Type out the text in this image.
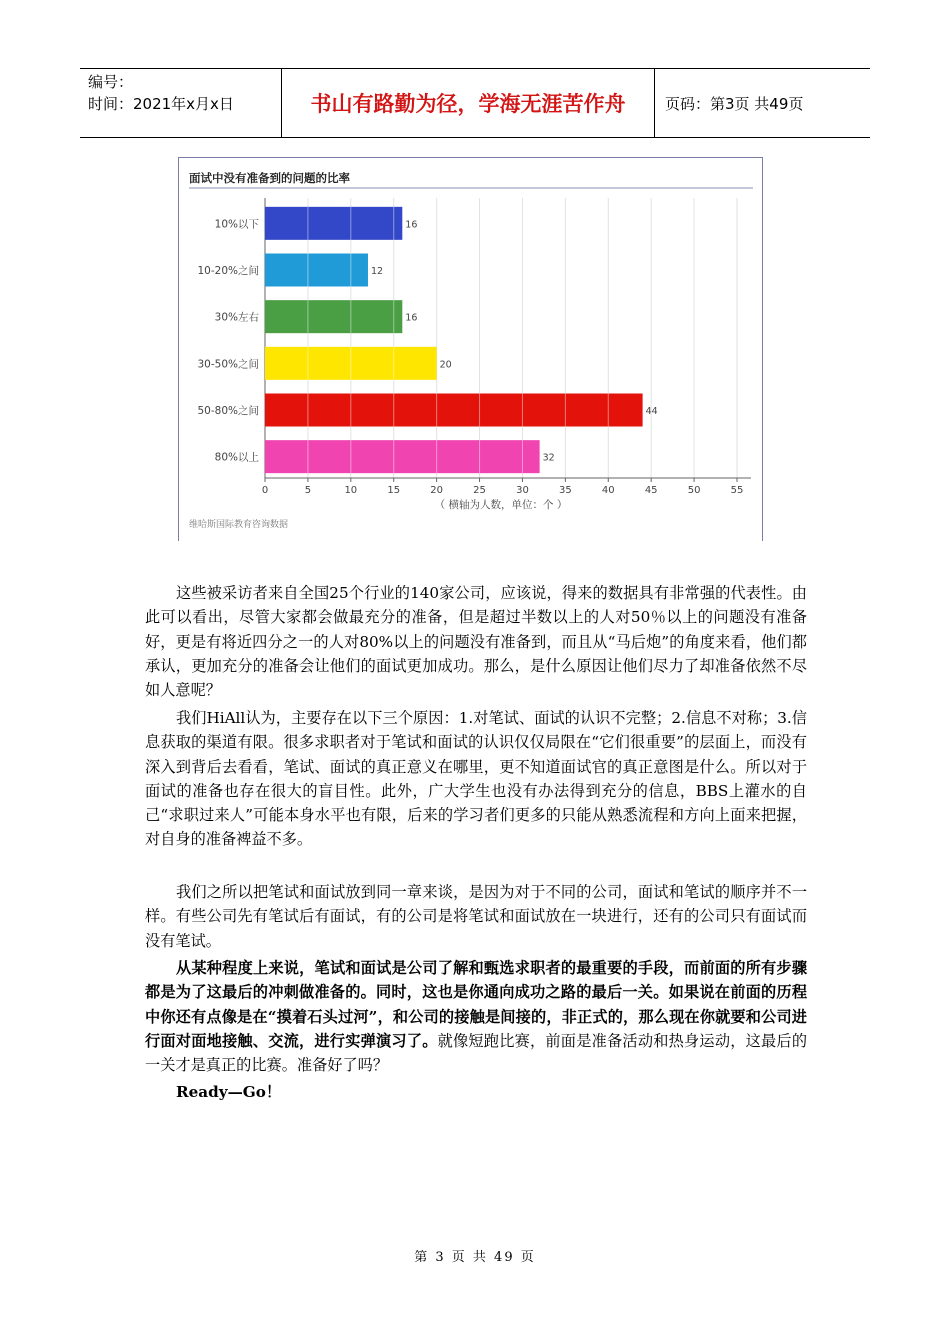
编号：
时间：2021年x月x日	书山有路勤为径，学海无涯苦作舟	页码：第3页 共49页
面试中没有准备到的问题的比率
0	5	10	15	20	25	30	35	40	45	50	55
10%以下	16
10-20%之间	12
30%左右	16
30-50%之间	20
50-80%之间	44
80%以上	32
（ 横轴为人数，单位：个 ）
维哈斯国际教育咨询数据

这些被采访者来自全国25个行业的140家公司，应该说，得来的数据具有非常强的代表性。由此可以看出，尽管大家都会做最充分的准备，但是超过半数以上的人对50％以上的问题没有准备好，更是有将近四分之一的人对80%以上的问题没有准备到，而且从“马后炮”的角度来看，他们都承认，更加充分的准备会让他们的面试更加成功。那么，是什么原因让他们尽力了却准备依然不尽如人意呢？

我们HiAll认为，主要存在以下三个原因：1.对笔试、面试的认识不完整；2.信息不对称；3.信息获取的渠道有限。很多求职者对于笔试和面试的认识仅仅局限在“它们很重要”的层面上，而没有深入到背后去看看，笔试、面试的真正意义在哪里，更不知道面试官的真正意图是什么。所以对于面试的准备也存在很大的盲目性。此外，广大学生也没有办法得到充分的信息，BBS上灌水的自己“求职过来人”可能本身水平也有限，后来的学习者们更多的只能从熟悉流程和方向上面来把握，对自身的准备裨益不多。

我们之所以把笔试和面试放到同一章来谈，是因为对于不同的公司，面试和笔试的顺序并不一样。有些公司先有笔试后有面试，有的公司是将笔试和面试放在一块进行，还有的公司只有面试而没有笔试。

从某种程度上来说，笔试和面试是公司了解和甄选求职者的最重要的手段，而前面的所有步骤都是为了这最后的冲刺做准备的。同时，这也是你通向成功之路的最后一关。如果说在前面的历程中你还有点像是在“摸着石头过河”，和公司的接触是间接的，非正式的，那么现在你就要和公司进行面对面地接触、交流，进行实弹演习了。就像短跑比赛，前面是准备活动和热身运动，这最后的一关才是真正的比赛。准备好了吗？

Ready—Go！

第 3 页 共 49 页
